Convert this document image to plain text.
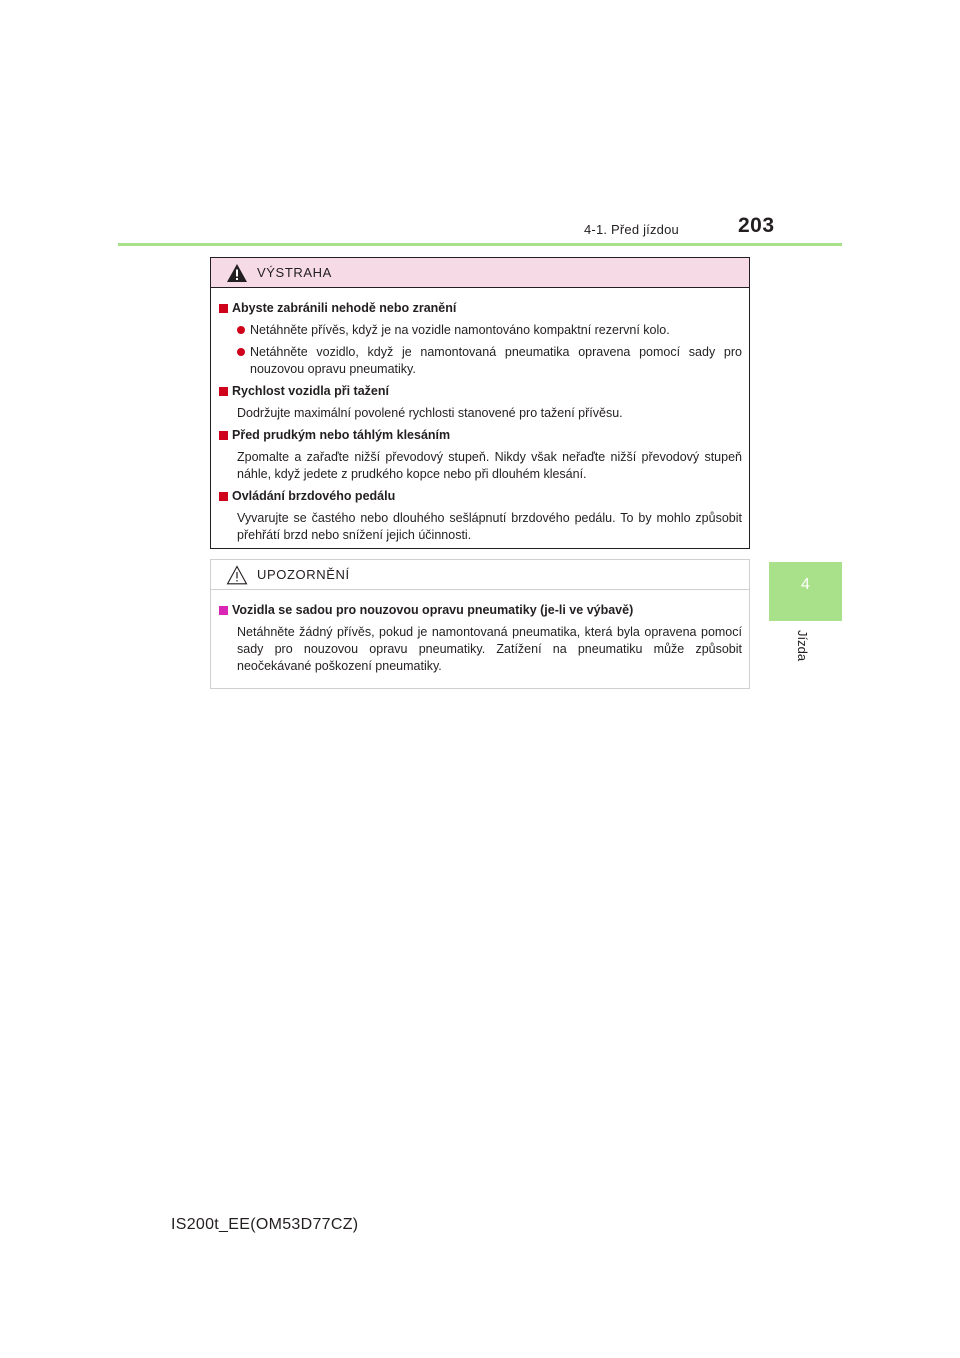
4-1. Před jízdou	203
4
Jízda
VÝSTRAHA
Abyste zabránili nehodě nebo zranění
Netáhněte přívěs, když je na vozidle namontováno kompaktní rezervní kolo.
Netáhněte vozidlo, když je namontovaná pneumatika opravena pomocí sady pro nouzovou opravu pneumatiky.
Rychlost vozidla při tažení
Dodržujte maximální povolené rychlosti stanovené pro tažení přívěsu.
Před prudkým nebo táhlým klesáním
Zpomalte a zařaďte nižší převodový stupeň. Nikdy však neřaďte nižší převodový stupeň náhle, když jedete z prudkého kopce nebo při dlouhém klesání.
Ovládání brzdového pedálu
Vyvarujte se častého nebo dlouhého sešlápnutí brzdového pedálu. To by mohlo způsobit přehřátí brzd nebo snížení jejich účinnosti.
UPOZORNĚNÍ
Vozidla se sadou pro nouzovou opravu pneumatiky (je-li ve výbavě)
Netáhněte žádný přívěs, pokud je namontovaná pneumatika, která byla opravena pomocí sady pro nouzovou opravu pneumatiky. Zatížení na pneumatiku může způsobit neočekávané poškození pneumatiky.
IS200t_EE(OM53D77CZ)
